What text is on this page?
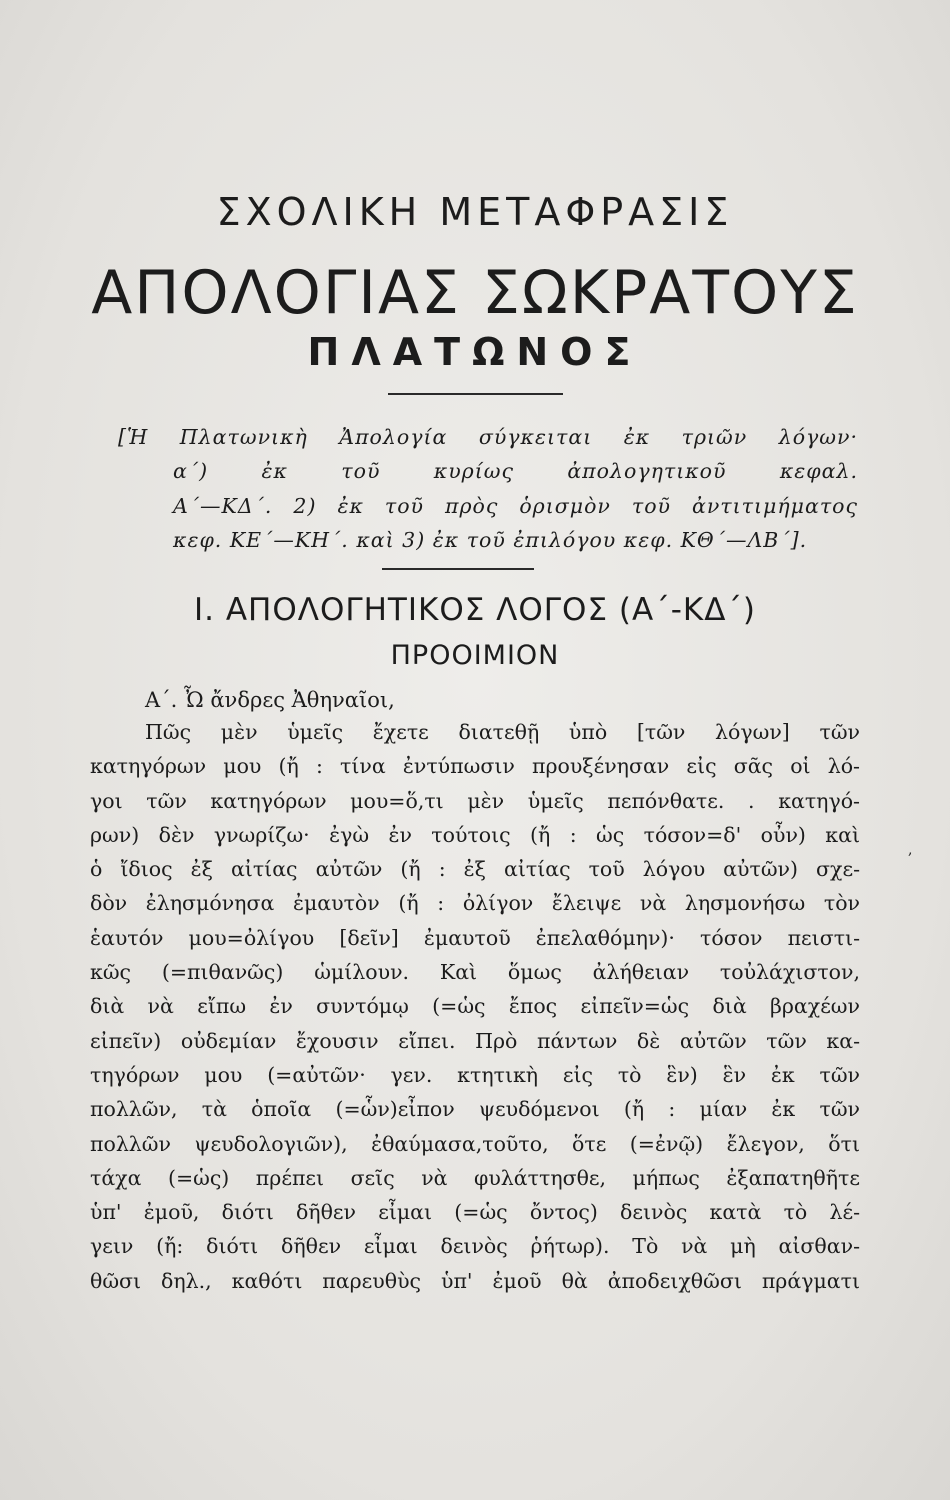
ΣΧΟΛΙΚΗ ΜΕΤΑΦΡΑΣΙΣ
ΑΠΟΛΟΓΙΑΣ ΣΩΚΡΑΤΟΥΣ
ΠΛΑΤΩΝΟΣ
[Ἡ Πλατωνικὴ Ἀπολογία σύγκειται ἐκ τριῶν λόγων·
α΄) ἐκ τοῦ κυρίως ἀπολογητικοῦ κεφαλ.
Α΄—ΚΔ΄. 2) ἐκ τοῦ πρὸς ὁρισμὸν τοῦ ἀντιτιμήματος
κεφ. ΚΕ΄—ΚΗ΄. καὶ 3) ἐκ τοῦ ἐπιλόγου κεφ. ΚΘ΄—ΛΒ΄].
Ι. ΑΠΟΛΟΓΗΤΙΚΟΣ ΛΟΓΟΣ (Α΄-ΚΔ΄)
ΠΡΟΟΙΜΙΟΝ
Α΄. Ὦ ἄνδρες Ἀθηναῖοι,
Πῶς μὲν ὑμεῖς ἔχετε διατεθῇ ὑπὸ [τῶν λόγων] τῶν
κατηγόρων μου (ἤ : τίνα ἐντύπωσιν προυξένησαν εἰς σᾶς οἱ λό-
γοι τῶν κατηγόρων μου=ὅ,τι μὲν ὑμεῖς πεπόνθατε. . κατηγό-
ρων) δὲν γνωρίζω· ἐγὼ ἐν τούτοις (ἤ : ὡς τόσον=δ' οὖν) καὶ
ὁ ἴδιος ἐξ αἰτίας αὐτῶν (ἤ : ἐξ αἰτίας τοῦ λόγου αὐτῶν) σχε-
δὸν ἐλησμόνησα ἐμαυτὸν (ἤ : ὀλίγον ἔλειψε νὰ λησμονήσω τὸν
ἑαυτόν μου=ὀλίγου [δεῖν] ἐμαυτοῦ ἐπελαθόμην)· τόσον πειστι-
κῶς (=πιθανῶς) ὡμίλουν. Καὶ ὅμως ἀλήθειαν τοὐλάχιστον,
διὰ νὰ εἴπω ἐν συντόμῳ (=ὡς ἔπος εἰπεῖν=ὡς διὰ βραχέων
εἰπεῖν) οὐδεμίαν ἔχουσιν εἴπει. Πρὸ πάντων δὲ αὐτῶν τῶν κα-
τηγόρων μου (=αὐτῶν· γεν. κτητικὴ εἰς τὸ ἓν) ἓν ἐκ τῶν
πολλῶν, τὰ ὁποῖα (=ὧν)εἶπον ψευδόμενοι (ἤ : μίαν ἐκ τῶν
πολλῶν ψευδολογιῶν), ἐθαύμασα,τοῦτο, ὅτε (=ἐνῷ) ἔλεγον, ὅτι
τάχα (=ὡς) πρέπει σεῖς νὰ φυλάττησθε, μήπως ἐξαπατηθῆτε
ὑπ' ἐμοῦ, διότι δῆθεν εἶμαι (=ὡς ὄντος) δεινὸς κατὰ τὸ λέ-
γειν (ἤ: διότι δῆθεν εἶμαι δεινὸς ῥήτωρ). Τὸ νὰ μὴ αἰσθαν-
θῶσι δηλ., καθότι παρευθὺς ὑπ' ἐμοῦ θὰ ἀποδειχθῶσι πράγματι
,
